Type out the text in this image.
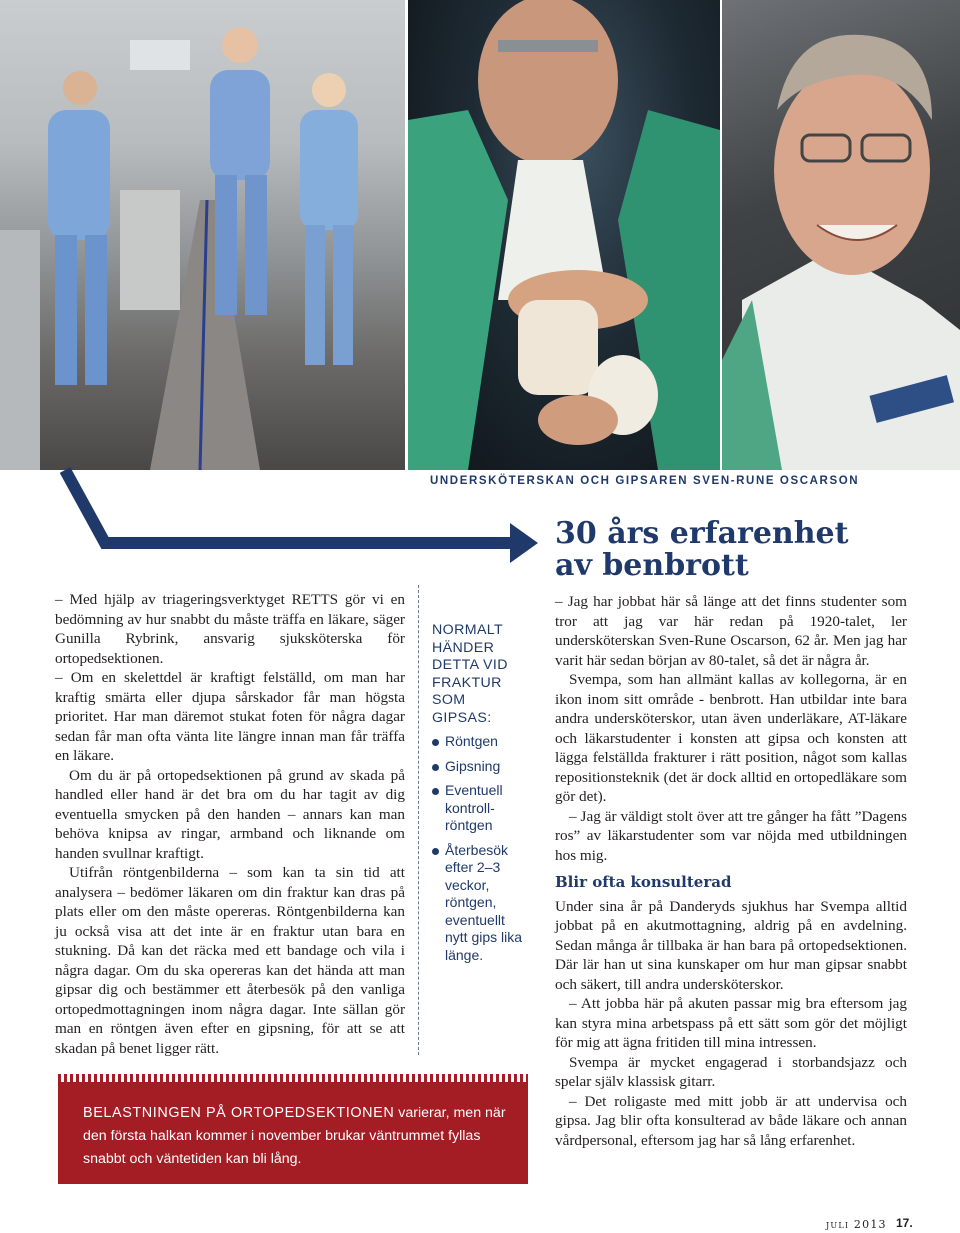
UNDERSKÖTERSKAN OCH GIPSAREN SVEN-RUNE OSCARSON
30 års erfarenhet
av benbrott

– Med hjälp av triageringsverktyget RETTS gör vi en bedömning av hur snabbt du måste träffa en läkare, säger Gunilla Rybrink, ansvarig sjuksköterska för ortopedsektionen.

– Om en skelettdel är kraftigt felställd, om man har kraftig smärta eller djupa sårskador får man högsta prioritet. Har man däremot stukat foten för några dagar sedan får man ofta vänta lite längre innan man får träffa en läkare.

Om du är på ortopedsektionen på grund av skada på handled eller hand är det bra om du har tagit av dig eventuella smycken på den handen – annars kan man behöva knipsa av ringar, armband och liknande om handen svullnar kraftigt.

Utifrån röntgenbilderna – som kan ta sin tid att analysera – bedömer läkaren om din fraktur kan dras på plats eller om den måste opereras. Röntgenbilderna kan ju också visa att det inte är en fraktur utan bara en stukning. Då kan det räcka med ett bandage och vila i några dagar. Om du ska opereras kan det hända att man gipsar dig och bestämmer ett återbesök på den vanliga ortopedmottagningen inom några dagar. Inte sällan gör man en röntgen även efter en gipsning, för att se att skadan på benet ligger rätt.

NORMALT HÄNDER DETTA VID FRAKTUR SOM GIPSAS:
Röntgen
Gipsning
Eventuell kontroll-röntgen
Återbesök efter 2–3 veckor, röntgen, eventuellt nytt gips lika länge.

BELASTNINGEN PÅ ORTOPEDSEKTIONEN varierar, men när den första halkan kommer i november brukar väntrummet fyllas snabbt och väntetiden kan bli lång.

– Jag har jobbat här så länge att det finns studenter som tror att jag var här redan på 1920-talet, ler undersköterskan Sven-Rune Oscarson, 62 år. Men jag har varit här sedan början av 80-talet, så det är några år.

Svempa, som han allmänt kallas av kollegorna, är en ikon inom sitt område - benbrott. Han utbildar inte bara andra undersköterskor, utan även underläkare, AT-läkare och läkarstudenter i konsten att gipsa och konsten att lägga felställda frakturer i rätt position, något som kallas repositionsteknik (det är dock alltid en ortopedläkare som gör det).

– Jag är väldigt stolt över att tre gånger ha fått ”Dagens ros” av läkarstudenter som var nöjda med utbildningen hos mig.

Blir ofta konsulterad

Under sina år på Danderyds sjukhus har Svempa alltid jobbat på en akutmottagning, aldrig på en avdelning. Sedan många år tillbaka är han bara på ortopedsektionen. Där lär han ut sina kunskaper om hur man gipsar snabbt och säkert, till andra undersköterskor.

– Att jobba här på akuten passar mig bra eftersom jag kan styra mina arbetspass på ett sätt som gör det möjligt för mig att ägna fritiden till mina intressen.

Svempa är mycket engagerad i storbandsjazz och spelar själv klassisk gitarr.

– Det roligaste med mitt jobb är att undervisa och gipsa. Jag blir ofta konsulterad av både läkare och annan vårdpersonal, eftersom jag har så lång erfarenhet.

juli 2013 17.
